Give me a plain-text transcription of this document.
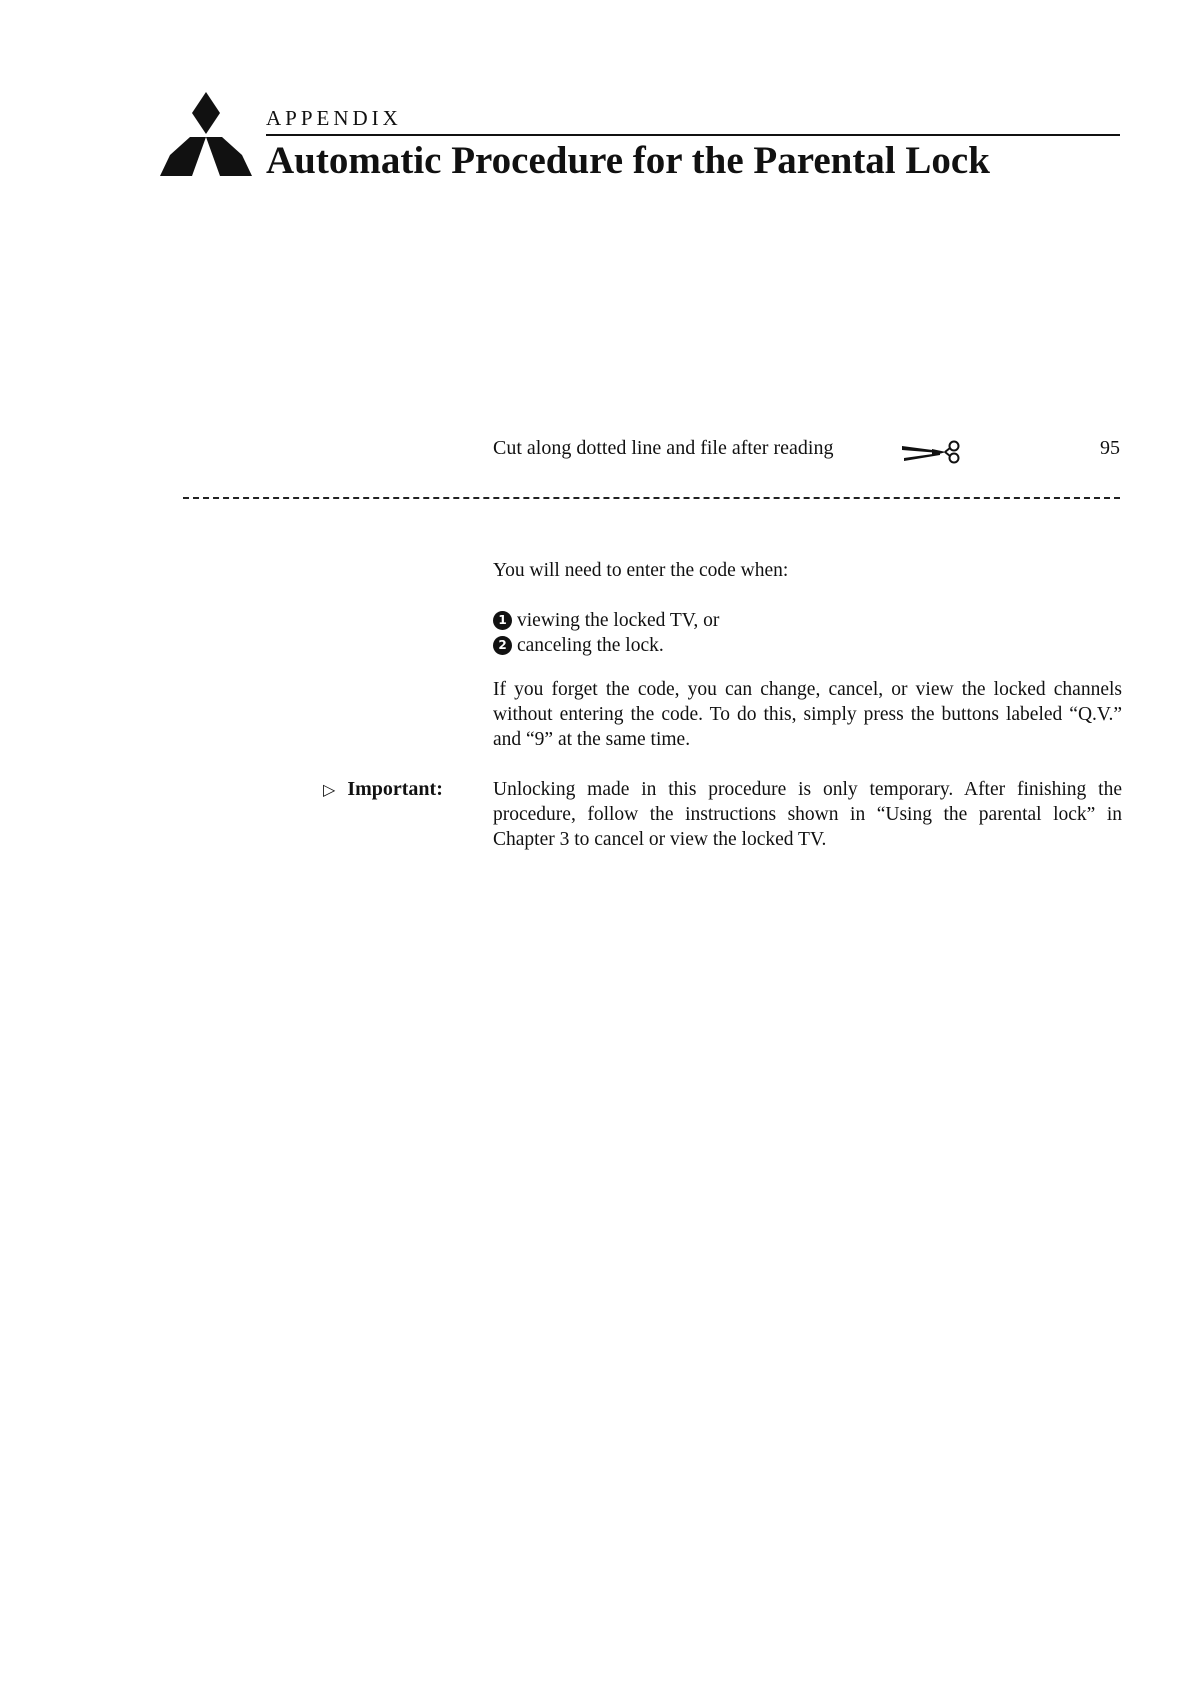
APPENDIX
Automatic Procedure for the Parental Lock
Cut along dotted line and file after reading	95
You will need to enter the code when:
1 viewing the locked TV, or
2 canceling the lock.
If you forget the code, you can change, cancel, or view the locked channels without entering the code. To do this, simply press the buttons labeled “Q.V.” and “9” at the same time.
▷ Important:	Unlocking made in this procedure is only temporary. After finishing the procedure, follow the instructions shown in “Using the parental lock” in Chapter 3 to cancel or view the locked TV.
